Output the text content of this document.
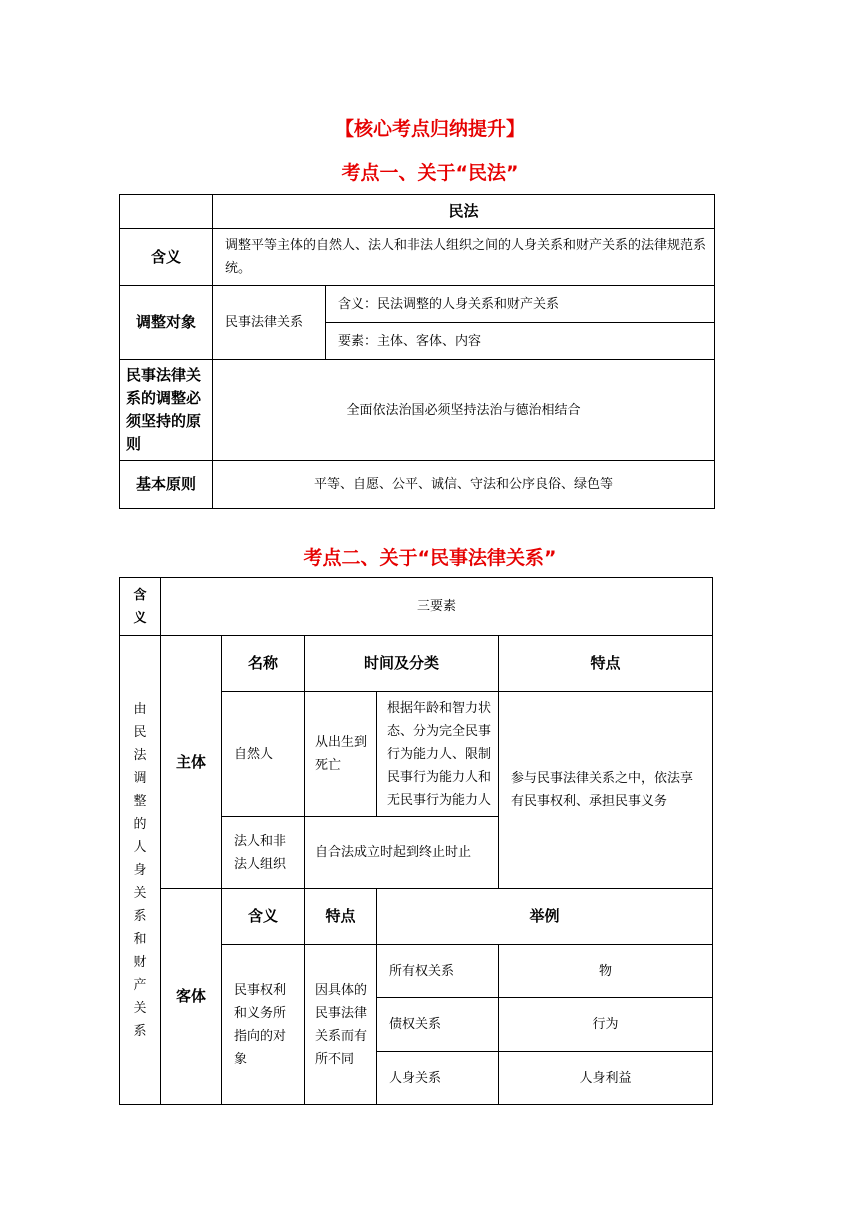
【核心考点归纳提升】
考点一、关于“民法”
	民法	
含义	调整平等主体的自然人、法人和非法人组织之间的人身关系和财产关系的法律规范系统。	
调整对象	民事法律关系	含义：民法调整的人身关系和财产关系
		要素：主体、客体、内容
民事法律关系的调整必须坚持的原则	全面依法治国必须坚持法治与德治相结合	
基本原则	平等、自愿、公平、诚信、守法和公序良俗、绿色等	
考点二、关于“民事法律关系”
含义	三要素				

由民法调整的人身关系和财产关系	主体	名称	时间及分类		特点
		自然人	从出生到死亡	根据年龄和智力状态、分为完全民事行为能力人、限制民事行为能力人和无民事行为能力人	参与民事法律关系之中，依法享有民事权利、承担民事义务
		法人和非法人组织	自合法成立时起到终止时止		
	客体	含义	特点	举例	
		民事权利和义务所指向的对象	因具体的民事法律关系而有所不同	所有权关系	物
				债权关系	行为
				人身关系	人身利益
